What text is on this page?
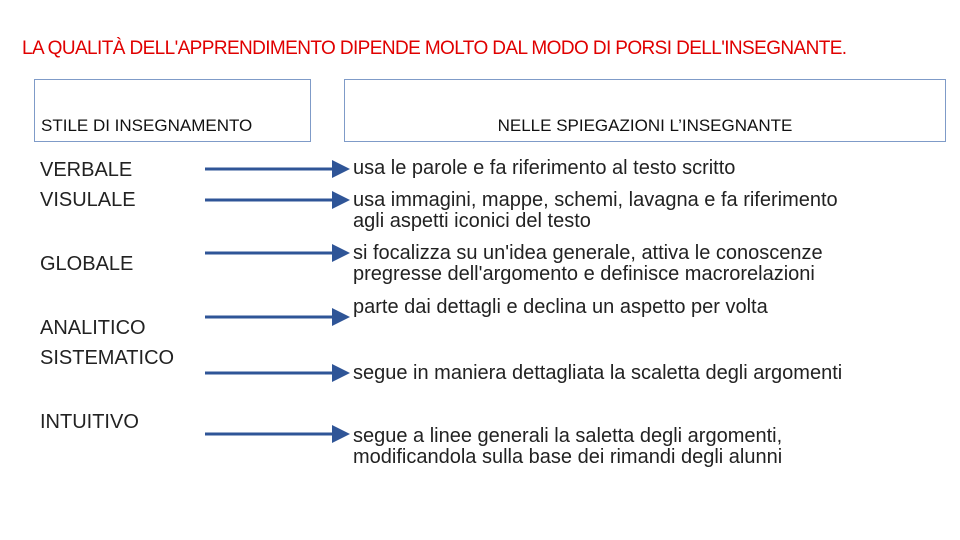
LA QUALITÀ DELL'APPRENDIMENTO DIPENDE MOLTO DAL MODO DI PORSI DELL'INSEGNANTE.
STILE DI INSEGNAMENTO	NELLE SPIEGAZIONI L’INSEGNANTE
VERBALE
VISULALE
GLOBALE
ANALITICO
SISTEMATICO
INTUITIVO
usa le parole e fa riferimento al testo scritto
usa immagini, mappe, schemi, lavagna e fa riferimento
agli aspetti iconici del testo
si focalizza su un'idea generale, attiva le conoscenze
pregresse dell'argomento e definisce macrorelazioni
parte dai dettagli e declina un aspetto per volta
segue in maniera dettagliata la scaletta degli argomenti
segue a linee generali la saletta degli argomenti,
modificandola sulla base dei rimandi degli alunni
